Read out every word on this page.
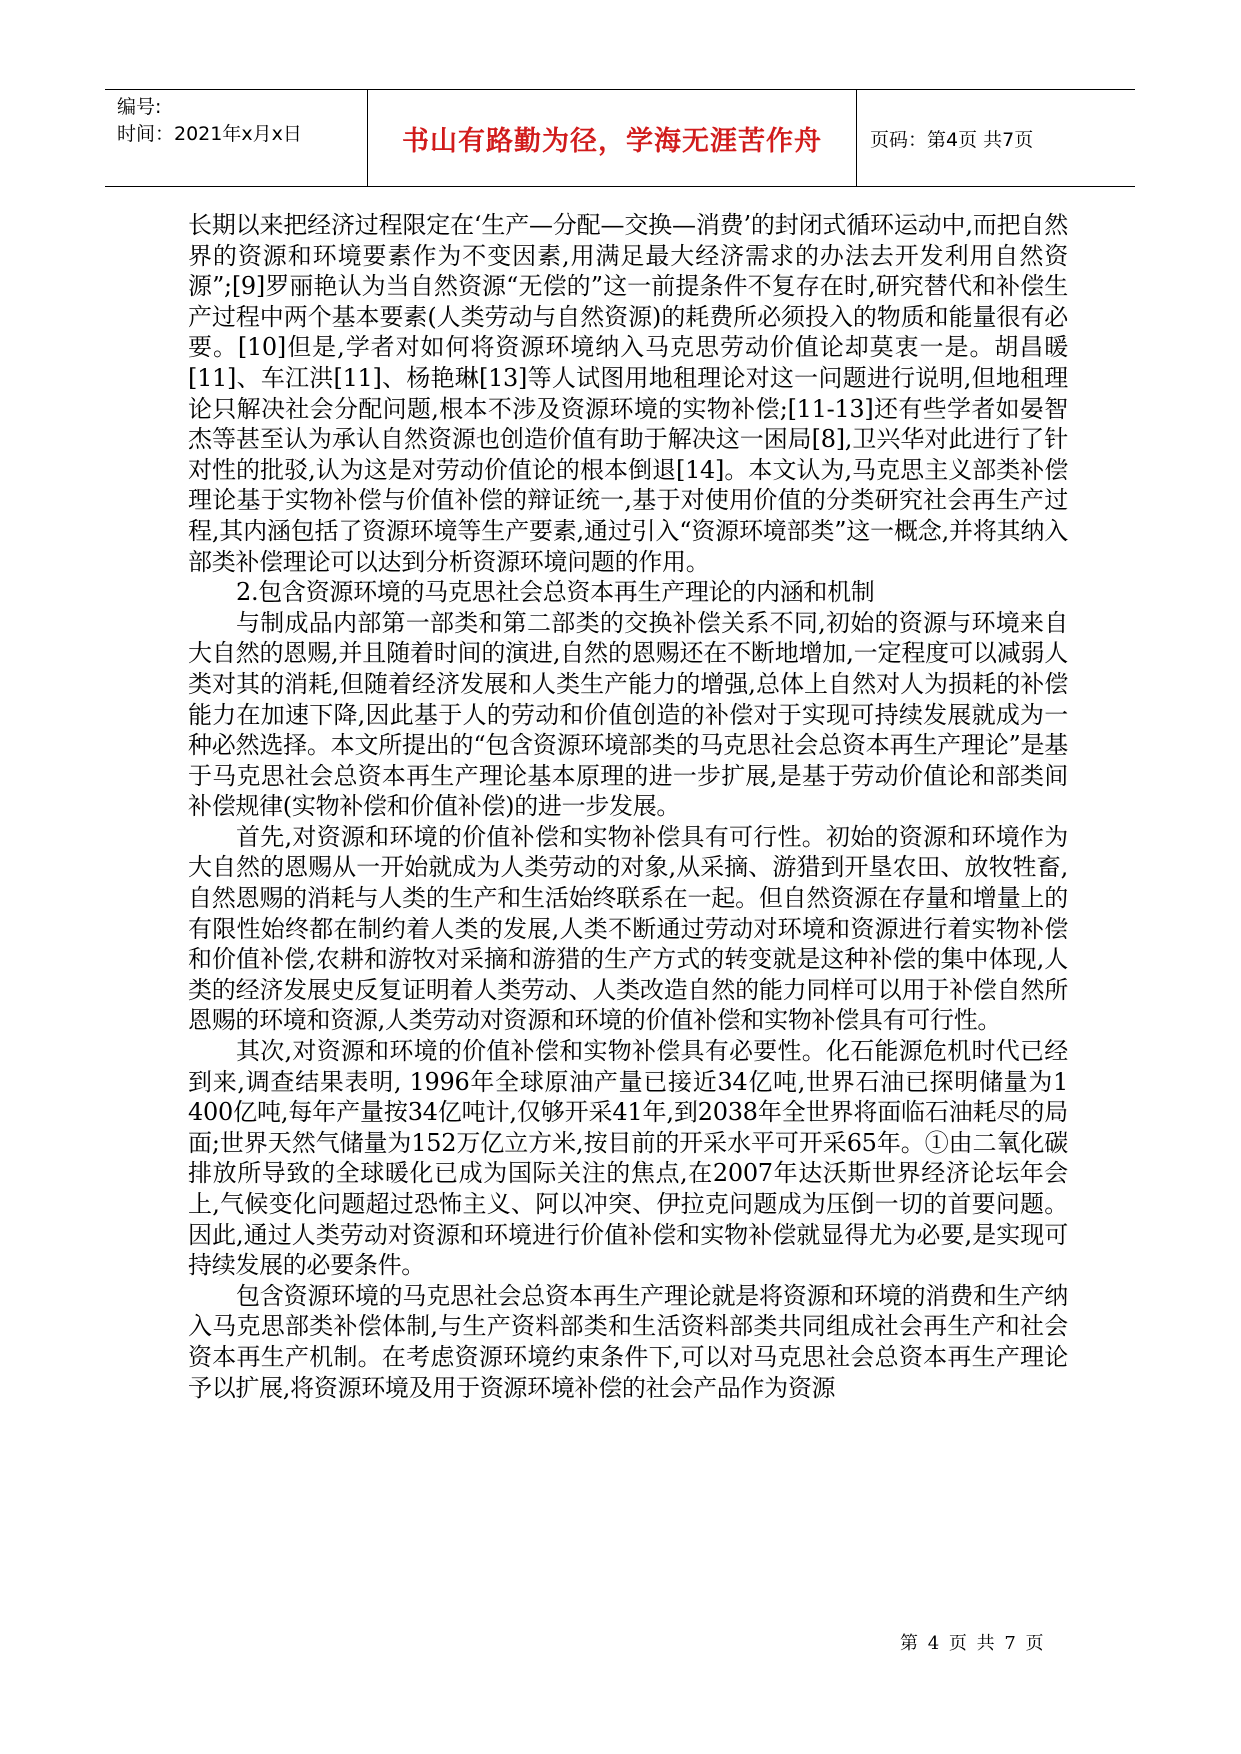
编号:
时间：2021年x月x日	书山有路勤为径，学海无涯苦作舟	页码：第4页 共7页

长期以来把经济过程限定在‘生产—分配—交换—消费’的封闭式循环运动中,而把自然界的资源和环境要素作为不变因素,用满足最大经济需求的办法去开发利用自然资源”;[9]罗丽艳认为当自然资源“无偿的”这一前提条件不复存在时,研究替代和补偿生产过程中两个基本要素(人类劳动与自然资源)的耗费所必须投入的物质和能量很有必要。[10]但是,学者对如何将资源环境纳入马克思劳动价值论却莫衷一是。胡昌暖[11]、车江洪[11]、杨艳琳[13]等人试图用地租理论对这一问题进行说明,但地租理论只解决社会分配问题,根本不涉及资源环境的实物补偿;[11-13]还有些学者如晏智杰等甚至认为承认自然资源也创造价值有助于解决这一困局[8],卫兴华对此进行了针对性的批驳,认为这是对劳动价值论的根本倒退[14]。本文认为,马克思主义部类补偿理论基于实物补偿与价值补偿的辩证统一,基于对使用价值的分类研究社会再生产过程,其内涵包括了资源环境等生产要素,通过引入“资源环境部类”这一概念,并将其纳入部类补偿理论可以达到分析资源环境问题的作用。

2.包含资源环境的马克思社会总资本再生产理论的内涵和机制

与制成品内部第一部类和第二部类的交换补偿关系不同,初始的资源与环境来自大自然的恩赐,并且随着时间的演进,自然的恩赐还在不断地增加,一定程度可以减弱人类对其的消耗,但随着经济发展和人类生产能力的增强,总体上自然对人为损耗的补偿能力在加速下降,因此基于人的劳动和价值创造的补偿对于实现可持续发展就成为一种必然选择。本文所提出的“包含资源环境部类的马克思社会总资本再生产理论”是基于马克思社会总资本再生产理论基本原理的进一步扩展,是基于劳动价值论和部类间补偿规律(实物补偿和价值补偿)的进一步发展。

首先,对资源和环境的价值补偿和实物补偿具有可行性。初始的资源和环境作为大自然的恩赐从一开始就成为人类劳动的对象,从采摘、游猎到开垦农田、放牧牲畜,自然恩赐的消耗与人类的生产和生活始终联系在一起。但自然资源在存量和增量上的有限性始终都在制约着人类的发展,人类不断通过劳动对环境和资源进行着实物补偿和价值补偿,农耕和游牧对采摘和游猎的生产方式的转变就是这种补偿的集中体现,人类的经济发展史反复证明着人类劳动、人类改造自然的能力同样可以用于补偿自然所恩赐的环境和资源,人类劳动对资源和环境的价值补偿和实物补偿具有可行性。

其次,对资源和环境的价值补偿和实物补偿具有必要性。化石能源危机时代已经到来,调查结果表明, 1996年全球原油产量已接近34亿吨,世界石油已探明储量为1 400亿吨,每年产量按34亿吨计,仅够开采41年,到2038年全世界将面临石油耗尽的局面;世界天然气储量为152万亿立方米,按目前的开采水平可开采65年。①由二氧化碳排放所导致的全球暖化已成为国际关注的焦点,在2007年达沃斯世界经济论坛年会上,气候变化问题超过恐怖主义、阿以冲突、伊拉克问题成为压倒一切的首要问题。因此,通过人类劳动对资源和环境进行价值补偿和实物补偿就显得尤为必要,是实现可持续发展的必要条件。

包含资源环境的马克思社会总资本再生产理论就是将资源和环境的消费和生产纳入马克思部类补偿体制,与生产资料部类和生活资料部类共同组成社会再生产和社会资本再生产机制。在考虑资源环境约束条件下,可以对马克思社会总资本再生产理论予以扩展,将资源环境及用于资源环境补偿的社会产品作为资源

第 4 页 共 7 页
